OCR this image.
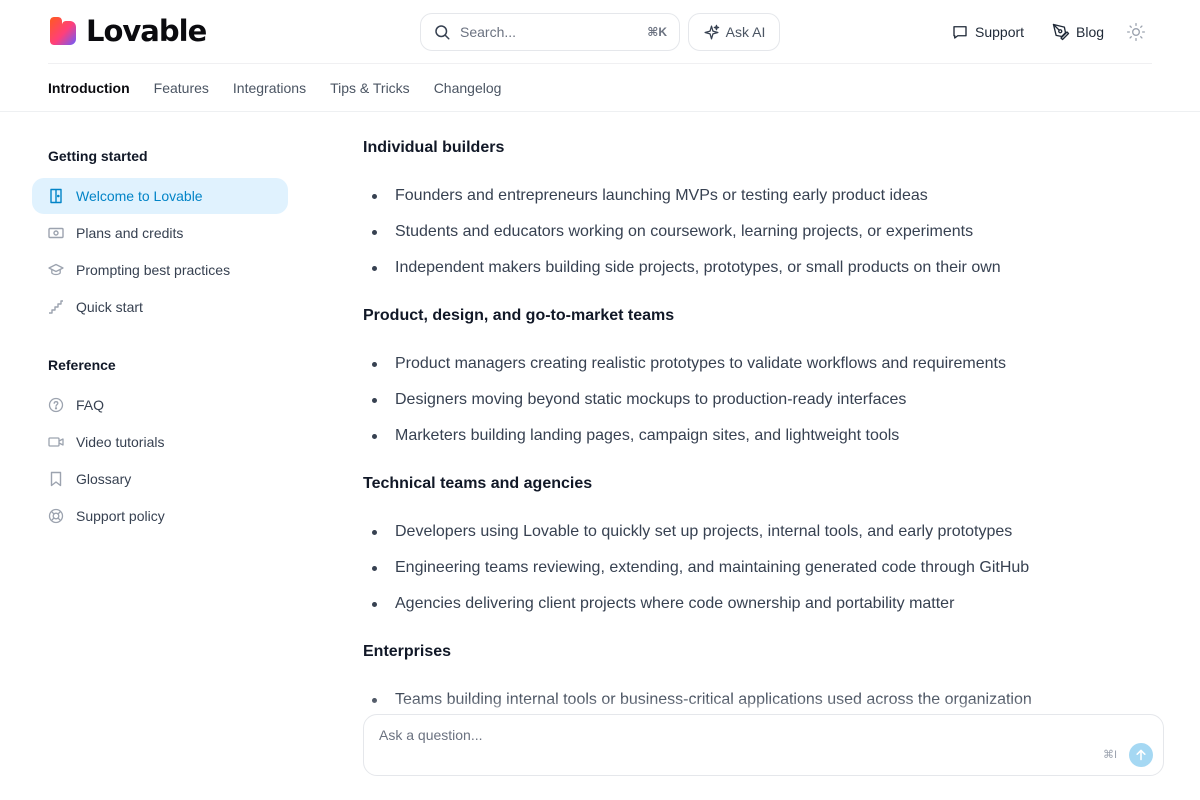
Lovable	Search...	⌘K	Ask AI	Support	Blog
Introduction Features Integrations Tips & Tricks Changelog
Getting started
Welcome to Lovable
Plans and credits
Prompting best practices
Quick start
Reference
FAQ
Video tutorials
Glossary
Support policy
Individual builders
Founders and entrepreneurs launching MVPs or testing early product ideas
Students and educators working on coursework, learning projects, or experiments
Independent makers building side projects, prototypes, or small products on their own
Product, design, and go-to-market teams
Product managers creating realistic prototypes to validate workflows and requirements
Designers moving beyond static mockups to production-ready interfaces
Marketers building landing pages, campaign sites, and lightweight tools
Technical teams and agencies
Developers using Lovable to quickly set up projects, internal tools, and early prototypes
Engineering teams reviewing, extending, and maintaining generated code through GitHub
Agencies delivering client projects where code ownership and portability matter
Enterprises
Teams building internal tools or business-critical applications used across the organization
Ask a question...
⌘I
